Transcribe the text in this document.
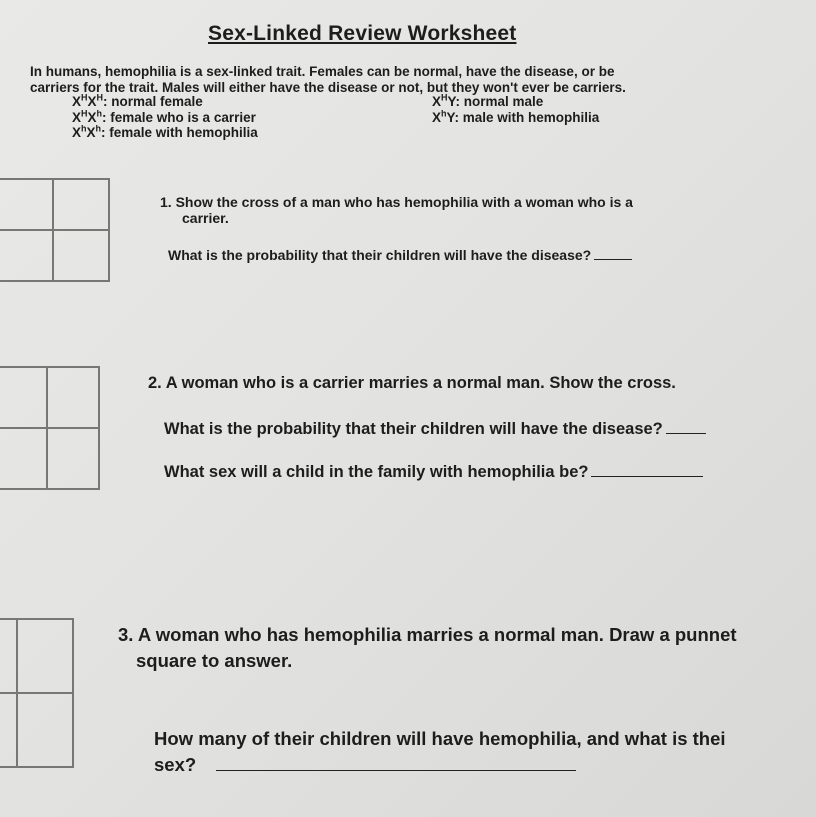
Sex-Linked Review Worksheet
In humans, hemophilia is a sex-linked trait. Females can be normal, have the disease, or be
carriers for the trait. Males will either have the disease or not, but they won't ever be carriers.
$X^HX^H$: normal female
$X^HX^h$: female who is a carrier
$X^hX^h$: female with hemophilia
$X^HY$: normal male
$X^hY$: male with hemophilia
1. Show the cross of a man who has hemophilia with a woman who is a
carrier.
What is the probability that their children will have the disease?
2. A woman who is a carrier marries a normal man. Show the cross.
What is the probability that their children will have the disease?
What sex will a child in the family with hemophilia be?
3. A woman who has hemophilia marries a normal man. Draw a punnet
square to answer.
How many of their children will have hemophilia, and what is thei
sex?
